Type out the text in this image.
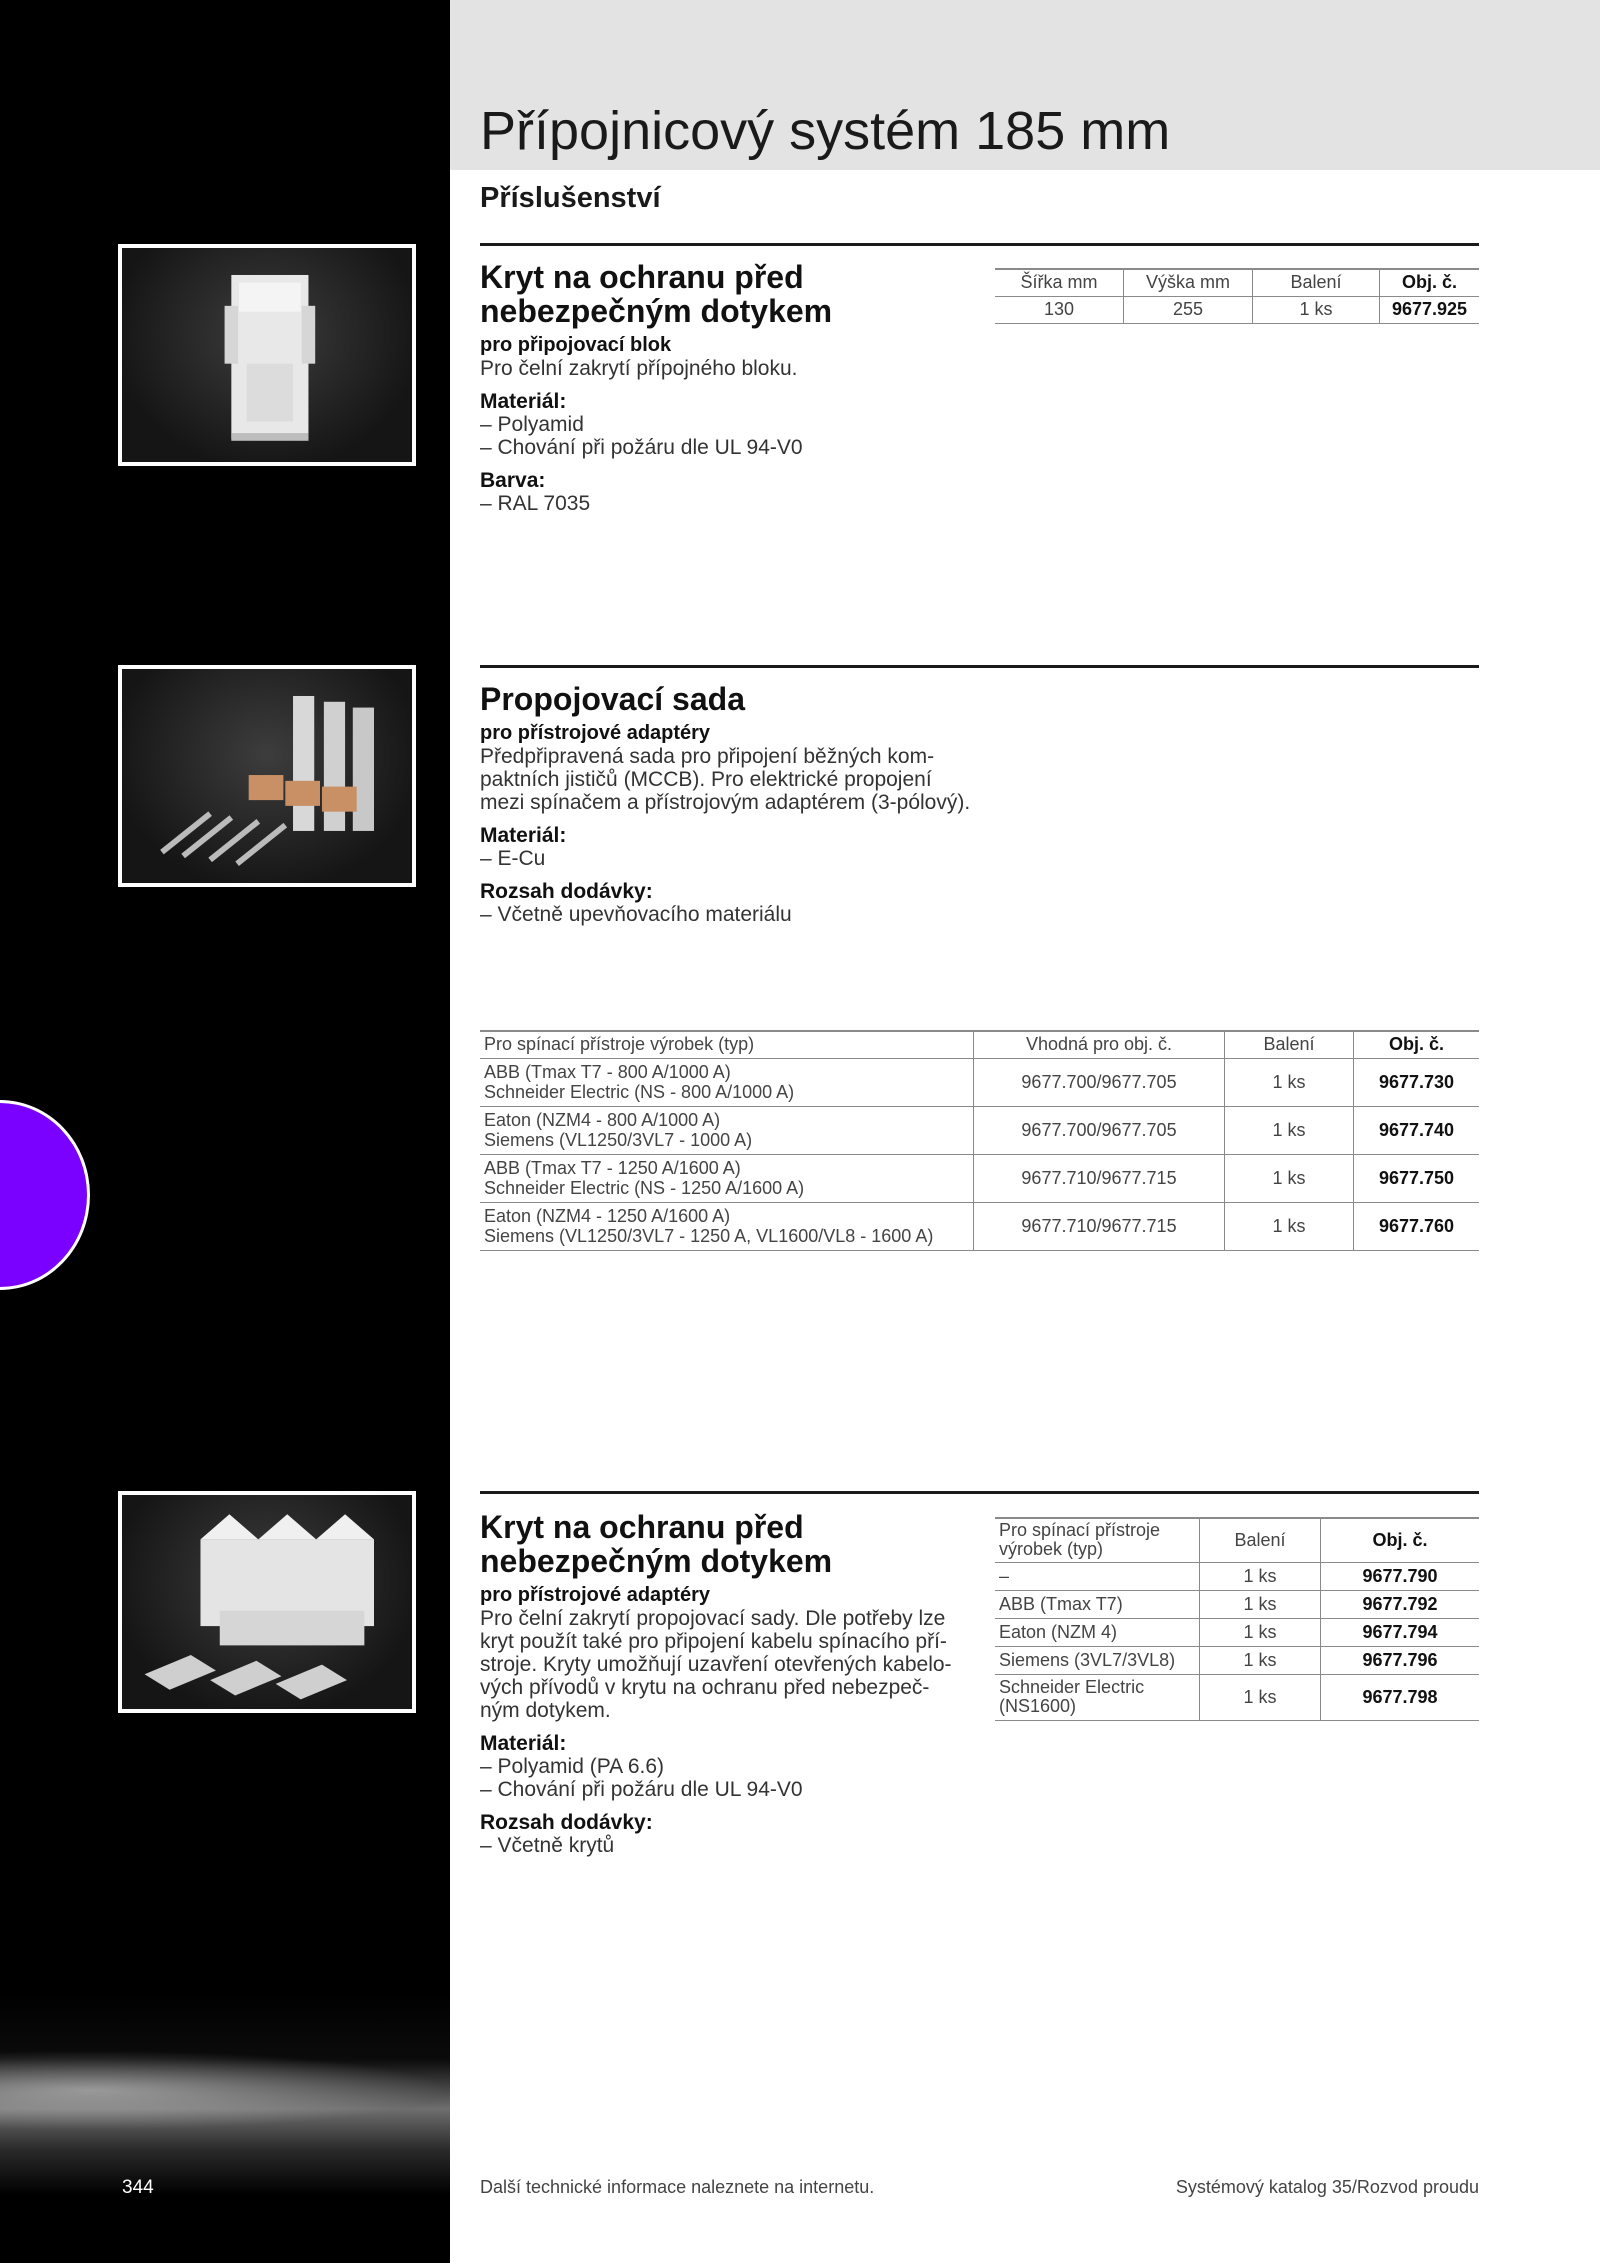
Přípojnicový systém 185 mm
Příslušenství
Kryt na ochranu před
nebezpečným dotykem
pro připojovací blok
Pro čelní zakrytí přípojného bloku.
Materiál:
– Polyamid
– Chování při požáru dle UL 94-V0
Barva:
– RAL 7035
Šířka mm	Výška mm	Balení	Obj. č.
130	255	1 ks	9677.925
Propojovací sada
pro přístrojové adaptéry
Předpřipravená sada pro připojení běžných kom-
paktních jističů (MCCB). Pro elektrické propojení
mezi spínačem a přístrojovým adaptérem (3-pólový).
Materiál:
– E-Cu
Rozsah dodávky:
– Včetně upevňovacího materiálu
Pro spínací přístroje výrobek (typ)	Vhodná pro obj. č.	Balení	Obj. č.
ABB (Tmax T7 - 800 A/1000 A)
Schneider Electric (NS - 800 A/1000 A)	9677.700/9677.705	1 ks	9677.730
Eaton (NZM4 - 800 A/1000 A)
Siemens (VL1250/3VL7 - 1000 A)	9677.700/9677.705	1 ks	9677.740
ABB (Tmax T7 - 1250 A/1600 A)
Schneider Electric (NS - 1250 A/1600 A)	9677.710/9677.715	1 ks	9677.750
Eaton (NZM4 - 1250 A/1600 A)
Siemens (VL1250/3VL7 - 1250 A, VL1600/VL8 - 1600 A)	9677.710/9677.715	1 ks	9677.760
Kryt na ochranu před
nebezpečným dotykem
pro přístrojové adaptéry
Pro čelní zakrytí propojovací sady. Dle potřeby lze
kryt použít také pro připojení kabelu spínacího pří-
stroje. Kryty umožňují uzavření otevřených kabelo-
vých přívodů v krytu na ochranu před nebezpeč-
ným dotykem.
Materiál:
– Polyamid (PA 6.6)
– Chování při požáru dle UL 94-V0
Rozsah dodávky:
– Včetně krytů
Pro spínací přístroje
výrobek (typ)	Balení	Obj. č.
–	1 ks	9677.790
ABB (Tmax T7)	1 ks	9677.792
Eaton (NZM 4)	1 ks	9677.794
Siemens (3VL7/3VL8)	1 ks	9677.796
Schneider Electric
(NS1600)	1 ks	9677.798
344	Další technické informace naleznete na internetu.	Systémový katalog 35/Rozvod proudu
